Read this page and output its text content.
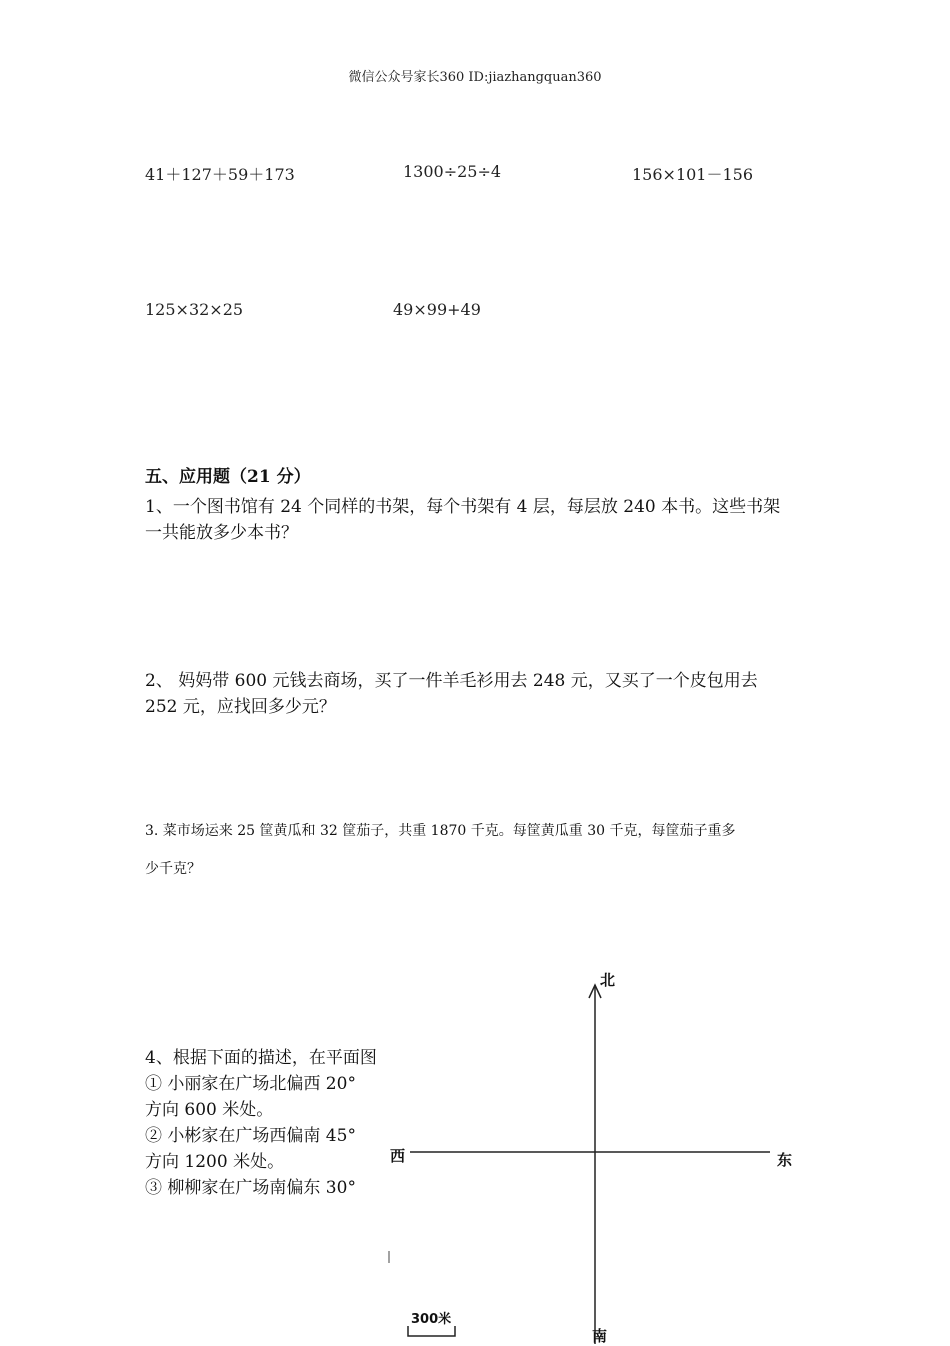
微信公众号家长360 ID:jiazhangquan360
41＋127＋59＋173	1300÷25÷4	156×101－156
125×32×25	49×99+49
五、应用题（21 分）
1、一个图书馆有 24 个同样的书架，每个书架有 4 层，每层放 240 本书。这些书架
一共能放多少本书？
2、 妈妈带 600 元钱去商场，买了一件羊毛衫用去 248 元，又买了一个皮包用去
252 元，应找回多少元？
3. 菜市场运来 25 筐黄瓜和 32 筐茄子，共重 1870 千克。每筐黄瓜重 30 千克，每筐茄子重多
少千克？
4、根据下面的描述，在平面图
① 小丽家在广场北偏西 20°
方向 600 米处。
② 小彬家在广场西偏南 45°
方向 1200 米处。
③ 柳柳家在广场南偏东 30°
北
南
东
西
300米
